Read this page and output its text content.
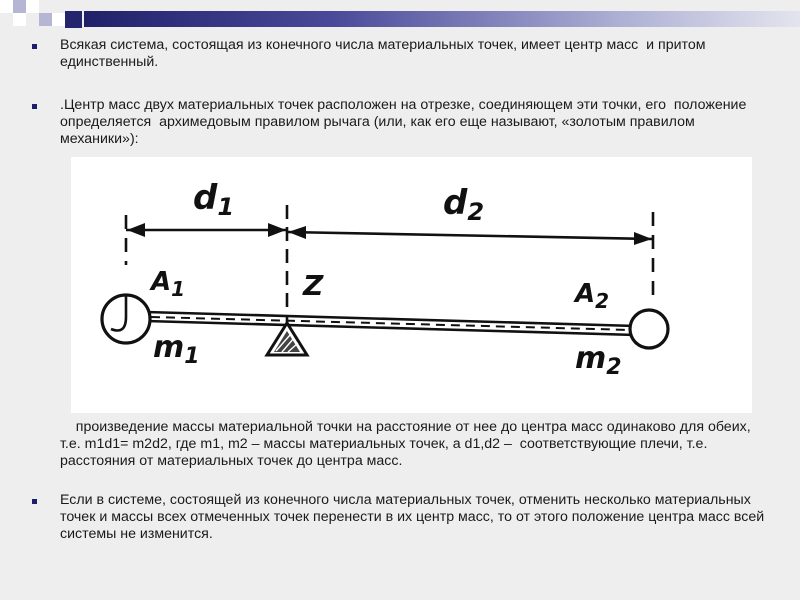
Всякая система, состоящая из конечного числа материальных точек, имеет центр масс  и притом единственный.

.Центр масс двух материальных точек расположен на отрезке, соединяющем эти точки, его  положение определяется  архимедовым правилом рычага (или, как его еще называют, «золотым правилом    механики»):

d1	d2
$A_1$	Z	$A_2$
$m_1$	$m_2$

произведение массы материальной точки на расстояние от нее до центра масс одинаково для обеих, т.е. m1d1= m2d2, где m1, m2 – массы материальных точек, а d1,d2 –  соответствующие плечи, т.е.   расстояния от материальных точек до центра масс.

Если в системе, состоящей из конечного числа материальных точек, отменить несколько материальных точек и массы всех отмеченных точек перенести в их центр масс, то от этого положение центра масс всей системы не изменится.
